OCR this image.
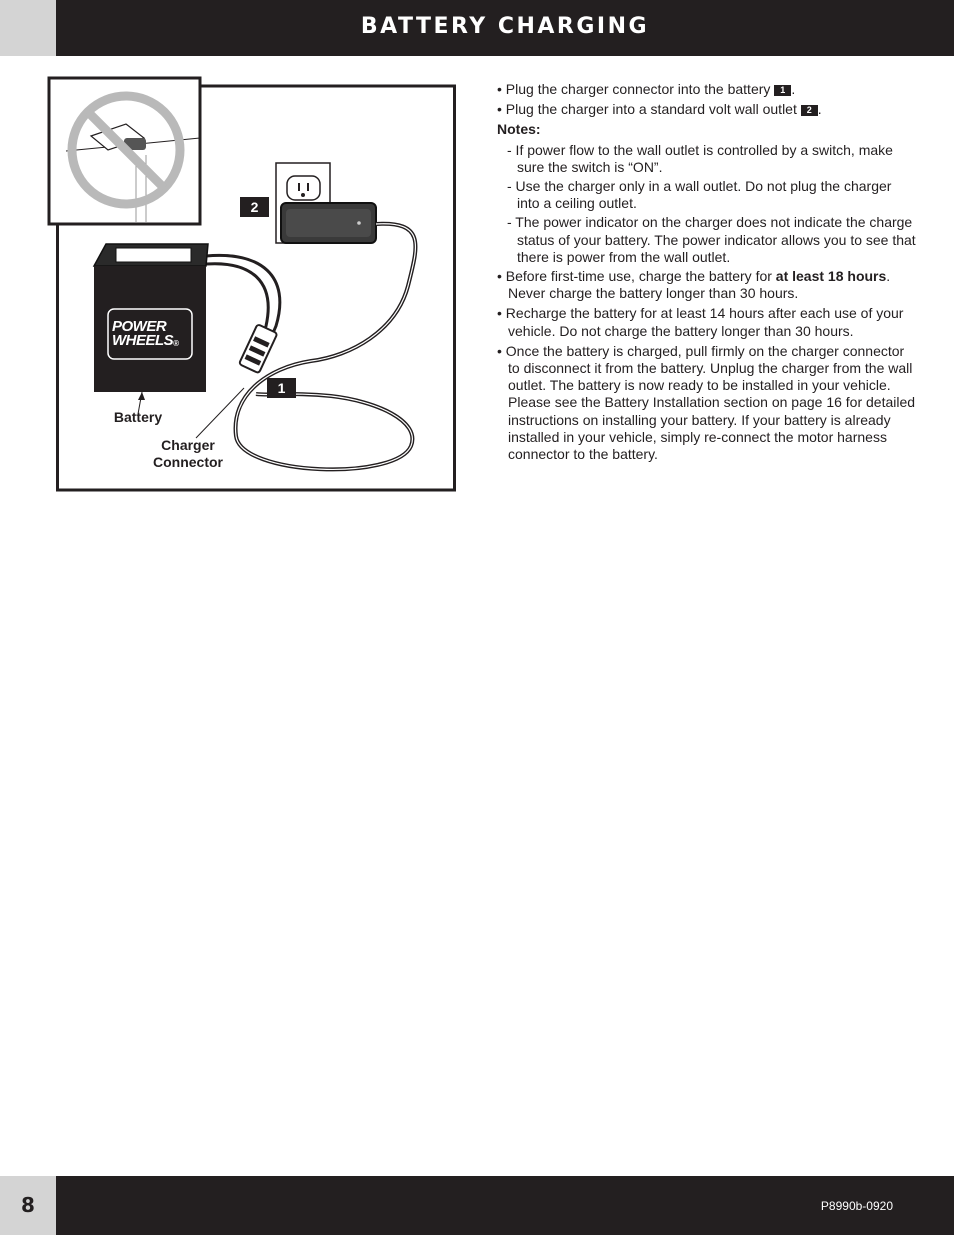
BATTERY CHARGING
2
1
POWER
WHEELS®
Battery
Charger
Connector

• Plug the charger connector into the battery 1 .

• Plug the charger into a standard volt wall outlet 2 .

Notes:

- If power flow to the wall outlet is controlled by a switch, make sure the switch is “ON”.

- Use the charger only in a wall outlet. Do not plug the charger into a ceiling outlet.

- The power indicator on the charger does not indicate the charge status of your battery. The power indicator allows you to see that there is power from the wall outlet.

• Before first-time use, charge the battery for at least 18 hours. Never charge the battery longer than 30 hours.

• Recharge the battery for at least 14 hours after each use of your vehicle. Do not charge the battery longer than 30 hours.

• Once the battery is charged, pull firmly on the charger connector to disconnect it from the battery. Unplug the charger from the wall outlet. The battery is now ready to be installed in your vehicle. Please see the Battery Installation section on page 16 for detailed instructions on installing your battery. If your battery is already installed in your vehicle, simply re-connect the motor harness connector to the battery.

8	P8990b-0920
